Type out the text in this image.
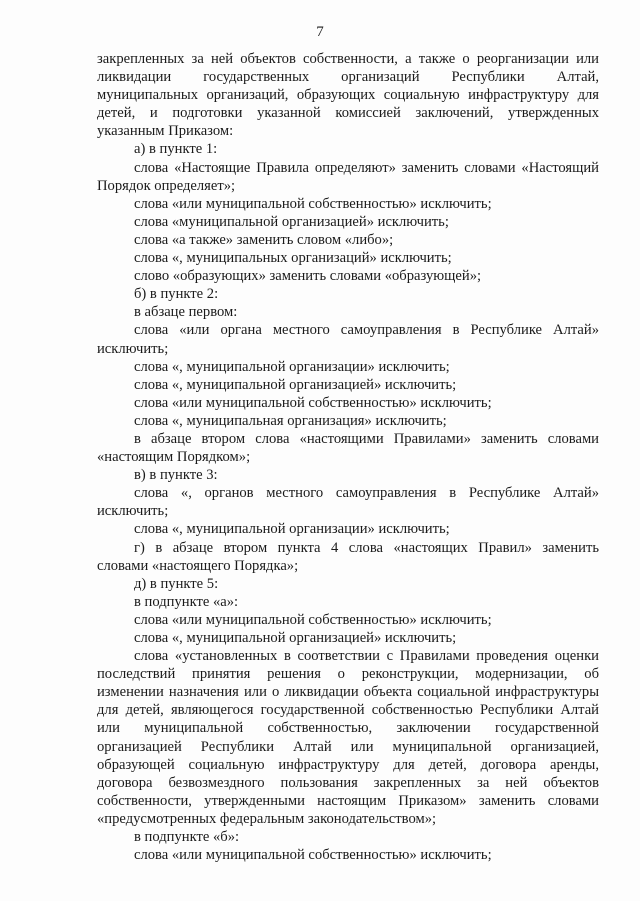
7
закрепленных за ней объектов собственности, а также о реорганизации или
ликвидации государственных организаций Республики Алтай,
муниципальных организаций, образующих социальную инфраструктуру для
детей, и подготовки указанной комиссией заключений, утвержденных
указанным Приказом:
а) в пункте 1:
слова «Настоящие Правила определяют» заменить словами «Настоящий
Порядок определяет»;
слова «или муниципальной собственностью» исключить;
слова «муниципальной организацией» исключить;
слова «а также» заменить словом «либо»;
слова «, муниципальных организаций» исключить;
слово «образующих» заменить словами «образующей»;
б) в пункте 2:
в абзаце первом:
слова «или органа местного самоуправления в Республике Алтай»
исключить;
слова «, муниципальной организации» исключить;
слова «, муниципальной организацией» исключить;
слова «или муниципальной собственностью» исключить;
слова «, муниципальная организация» исключить;
в абзаце втором слова «настоящими Правилами» заменить словами
«настоящим Порядком»;
в) в пункте 3:
слова «, органов местного самоуправления в Республике Алтай»
исключить;
слова «, муниципальной организации» исключить;
г) в абзаце втором пункта 4 слова «настоящих Правил» заменить
словами «настоящего Порядка»;
д) в пункте 5:
в подпункте «а»:
слова «или муниципальной собственностью» исключить;
слова «, муниципальной организацией» исключить;
слова «установленных в соответствии с Правилами проведения оценки
последствий принятия решения о реконструкции, модернизации, об
изменении назначения или о ликвидации объекта социальной инфраструктуры
для детей, являющегося государственной собственностью Республики Алтай
или муниципальной собственностью, заключении государственной
организацией Республики Алтай или муниципальной организацией,
образующей социальную инфраструктуру для детей, договора аренды,
договора безвозмездного пользования закрепленных за ней объектов
собственности, утвержденными настоящим Приказом» заменить словами
«предусмотренных федеральным законодательством»;
в подпункте «б»:
слова «или муниципальной собственностью» исключить;
